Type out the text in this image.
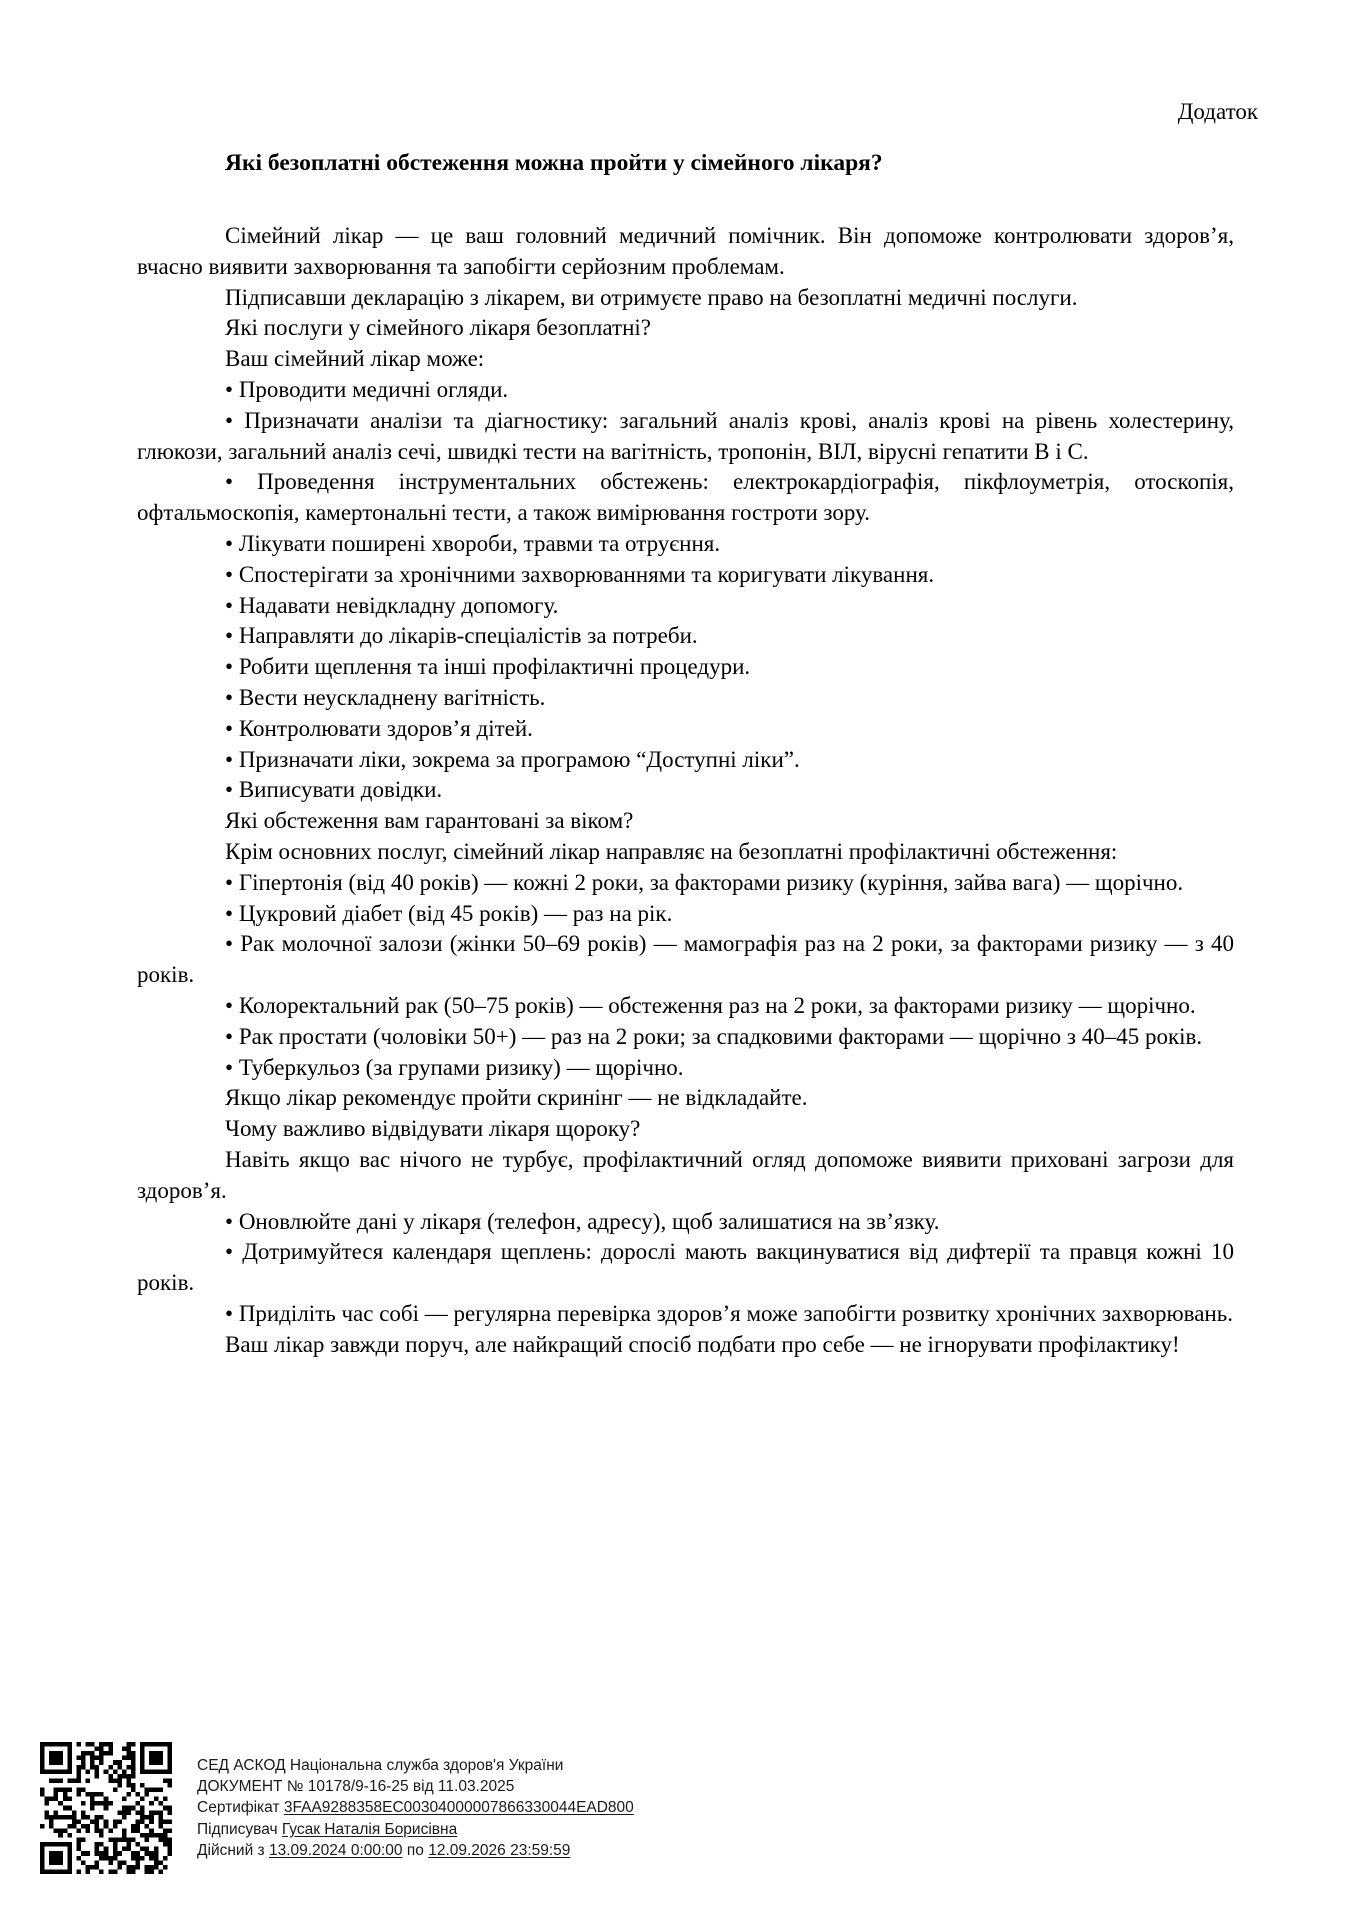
Додаток

Які безоплатні обстеження можна пройти у сімейного лікаря?

Сімейний лікар — це ваш головний медичний помічник. Він допоможе контролювати здоров’я, вчасно виявити захворювання та запобігти серйозним проблемам.

Підписавши декларацію з лікарем, ви отримуєте право на безоплатні медичні послуги.

Які послуги у сімейного лікаря безоплатні?

Ваш сімейний лікар може:

• Проводити медичні огляди.

• Призначати аналізи та діагностику: загальний аналіз крові, аналіз крові на рівень холестерину, глюкози, загальний аналіз сечі, швидкі тести на вагітність, тропонін, ВІЛ, вірусні гепатити В і С.

• Проведення інструментальних обстежень: електрокардіографія, пікфлоуметрія, отоскопія, офтальмоскопія, камертональні тести, а також вимірювання гостроти зору.

• Лікувати поширені хвороби, травми та отруєння.

• Спостерігати за хронічними захворюваннями та коригувати лікування.

• Надавати невідкладну допомогу.

• Направляти до лікарів-спеціалістів за потреби.

• Робити щеплення та інші профілактичні процедури.

• Вести неускладнену вагітність.

• Контролювати здоров’я дітей.

• Призначати ліки, зокрема за програмою “Доступні ліки”.

• Виписувати довідки.

Які обстеження вам гарантовані за віком?

Крім основних послуг, сімейний лікар направляє на безоплатні профілактичні обстеження:

• Гіпертонія (від 40 років) — кожні 2 роки, за факторами ризику (куріння, зайва вага) — щорічно.

• Цукровий діабет (від 45 років) — раз на рік.

• Рак молочної залози (жінки 50–69 років) — мамографія раз на 2 роки, за факторами ризику — з 40 років.

• Колоректальний рак (50–75 років) — обстеження раз на 2 роки, за факторами ризику — щорічно.

• Рак простати (чоловіки 50+) — раз на 2 роки; за спадковими факторами — щорічно з 40–45 років.

• Туберкульоз (за групами ризику) — щорічно.

Якщо лікар рекомендує пройти скринінг — не відкладайте.

Чому важливо відвідувати лікаря щороку?

Навіть якщо вас нічого не турбує, профілактичний огляд допоможе виявити приховані загрози для здоров’я.

• Оновлюйте дані у лікаря (телефон, адресу), щоб залишатися на зв’язку.

• Дотримуйтеся календаря щеплень: дорослі мають вакцинуватися від дифтерії та правця кожні 10 років.

• Приділіть час собі — регулярна перевірка здоров’я може запобігти розвитку хронічних захворювань.

Ваш лікар завжди поруч, але найкращий спосіб подбати про себе — не ігнорувати профілактику!

СЕД АСКОД Національна служба здоров'я України

ДОКУМЕНТ № 10178/9-16-25 від 11.03.2025

Сертифікат 3FAA9288358EC00304000007866330044EAD800

Підписувач Гусак Наталія Борисівна

Дійсний з 13.09.2024 0:00:00 по 12.09.2026 23:59:59
